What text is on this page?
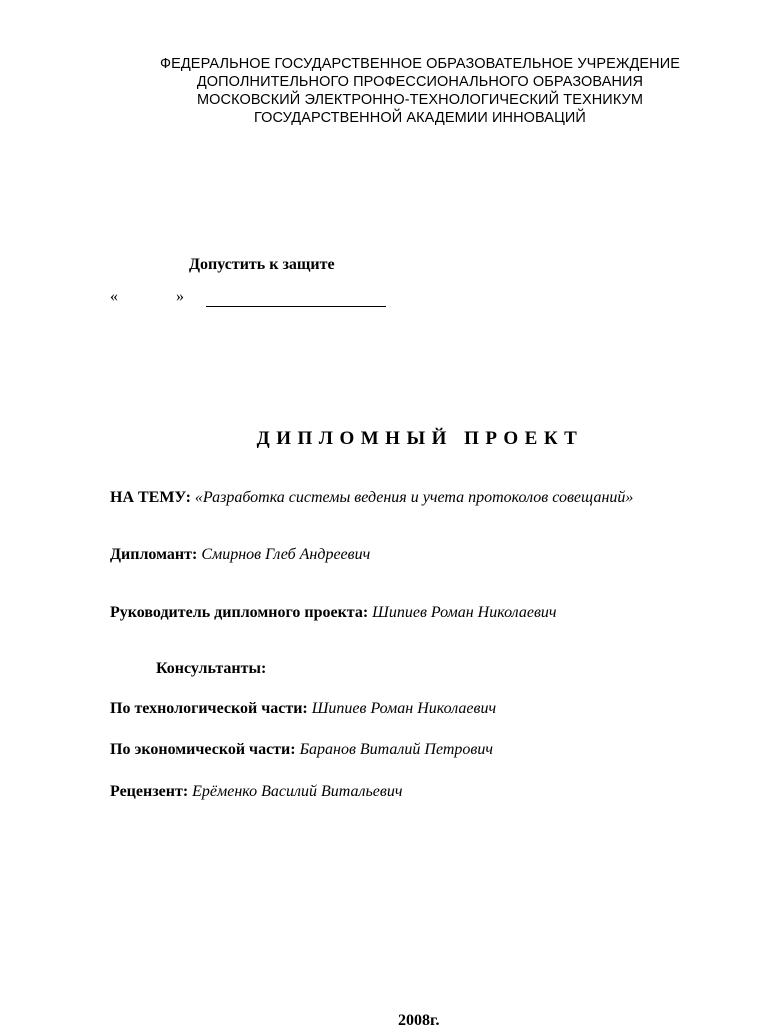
ФЕДЕРАЛЬНОЕ ГОСУДАРСТВЕННОЕ ОБРАЗОВАТЕЛЬНОЕ УЧРЕЖДЕНИЕ
ДОПОЛНИТЕЛЬНОГО ПРОФЕССИОНАЛЬНОГО ОБРАЗОВАНИЯ
МОСКОВСКИЙ ЭЛЕКТРОННО-ТЕХНОЛОГИЧЕСКИЙ ТЕХНИКУМ
ГОСУДАРСТВЕННОЙ АКАДЕМИИ ИННОВАЦИЙ
Допустить к защите
«	»
ДИПЛОМНЫЙ ПРОЕКТ
НА ТЕМУ: «Разработка системы ведения и учета протоколов совещаний»
Дипломант: Смирнов Глеб Андреевич
Руководитель дипломного проекта: Шипиев Роман Николаевич
Консультанты:
По технологической части: Шипиев Роман Николаевич
По экономической части: Баранов Виталий Петрович
Рецензент: Ерёменко Василий Витальевич
2008г.
